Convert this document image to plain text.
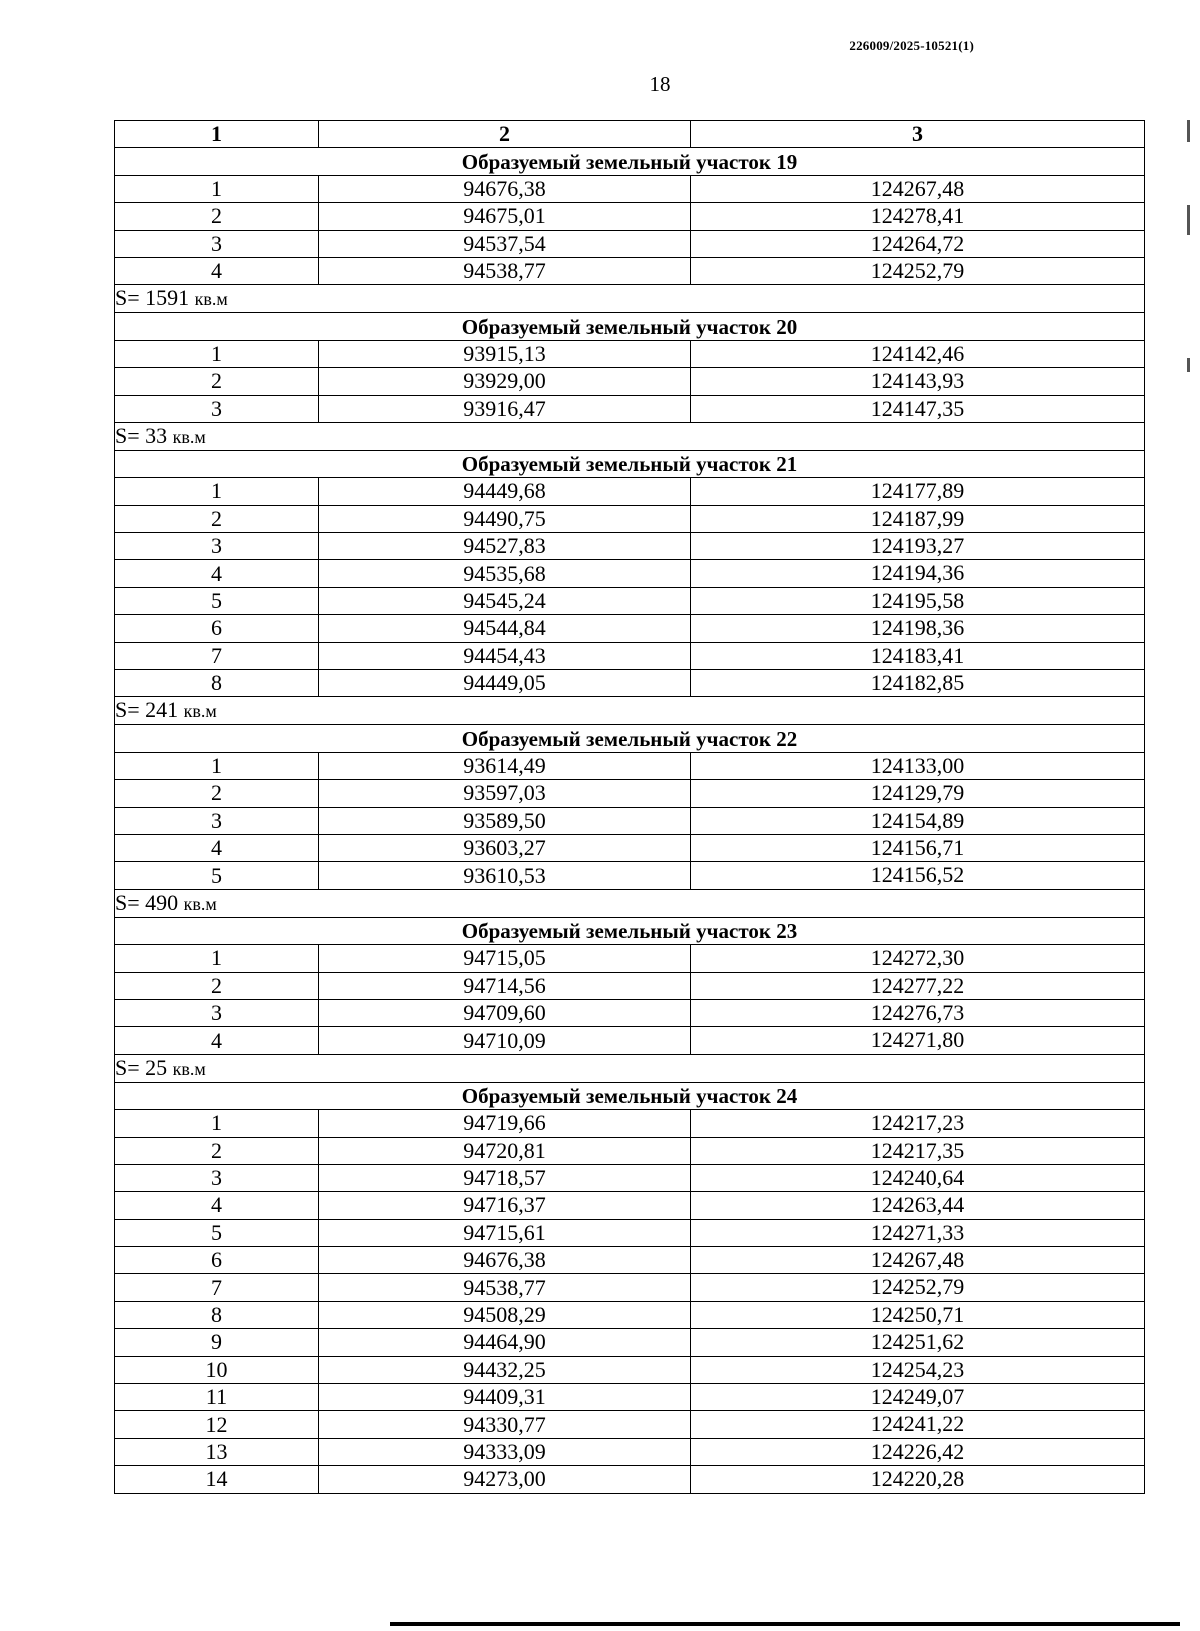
226009/2025-10521(1)
18
1	2	3
Образуемый земельный участок 19		
1	94676,38	124267,48
2	94675,01	124278,41
3	94537,54	124264,72
4	94538,77	124252,79
S= 1591 кв.м		
Образуемый земельный участок 20		
1	93915,13	124142,46
2	93929,00	124143,93
3	93916,47	124147,35
S= 33 кв.м		
Образуемый земельный участок 21		
1	94449,68	124177,89
2	94490,75	124187,99
3	94527,83	124193,27
4	94535,68	124194,36
5	94545,24	124195,58
6	94544,84	124198,36
7	94454,43	124183,41
8	94449,05	124182,85
S= 241 кв.м		
Образуемый земельный участок 22		
1	93614,49	124133,00
2	93597,03	124129,79
3	93589,50	124154,89
4	93603,27	124156,71
5	93610,53	124156,52
S= 490 кв.м		
Образуемый земельный участок 23		
1	94715,05	124272,30
2	94714,56	124277,22
3	94709,60	124276,73
4	94710,09	124271,80
S= 25 кв.м		
Образуемый земельный участок 24		
1	94719,66	124217,23
2	94720,81	124217,35
3	94718,57	124240,64
4	94716,37	124263,44
5	94715,61	124271,33
6	94676,38	124267,48
7	94538,77	124252,79
8	94508,29	124250,71
9	94464,90	124251,62
10	94432,25	124254,23
11	94409,31	124249,07
12	94330,77	124241,22
13	94333,09	124226,42
14	94273,00	124220,28
